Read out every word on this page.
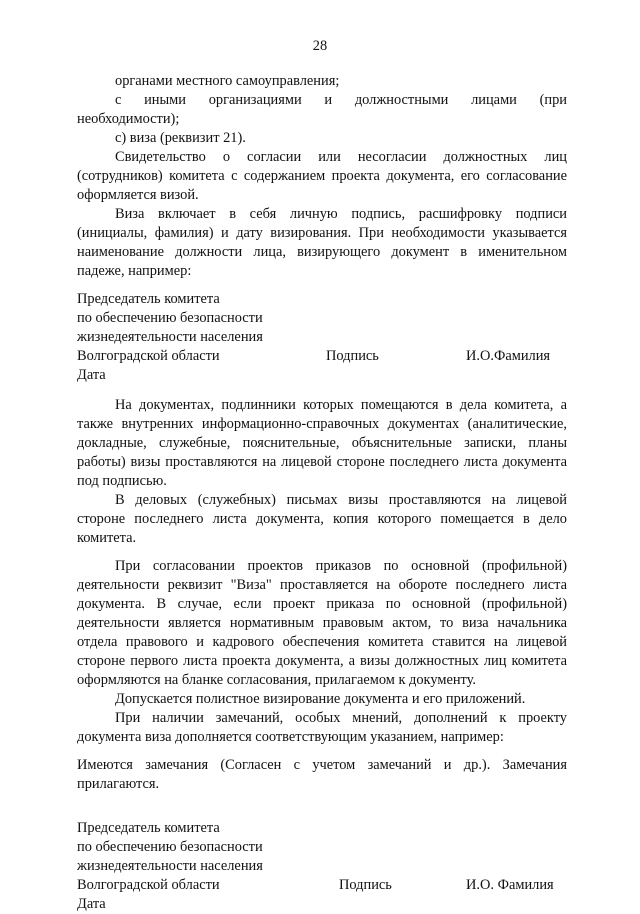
28

органами местного самоуправления;

с иными организациями и должностными лицами (при

необходимости);

с) виза (реквизит 21).

Свидетельство о согласии или несогласии должностных лиц (сотрудников) комитета с содержанием проекта документа, его согласование оформляется визой.

Виза включает в себя личную подпись, расшифровку подписи (инициалы, фамилия) и дату визирования. При необходимости указывается наименование должности лица, визирующего документ в именительном падеже, например:

Председатель комитета

по обеспечению безопасности

жизнедеятельности населения

Волгоградской области	Подпись	И.О.Фамилия

Дата

На документах, подлинники которых помещаются в дела комитета, а также внутренних информационно-справочных документах (аналитические, докладные, служебные, пояснительные, объяснительные записки, планы работы) визы проставляются на лицевой стороне последнего листа документа под подписью.

В деловых (служебных) письмах визы проставляются на лицевой стороне последнего листа документа, копия которого помещается в дело комитета.

При согласовании проектов приказов по основной (профильной) деятельности реквизит "Виза" проставляется на обороте последнего листа документа. В случае, если проект приказа по основной (профильной) деятельности является нормативным правовым актом, то виза начальника отдела правового и кадрового обеспечения комитета ставится на лицевой стороне первого листа проекта документа, а визы должностных лиц комитета оформляются на бланке согласования, прилагаемом к документу.

Допускается полистное визирование документа и его приложений.

При наличии замечаний, особых мнений, дополнений к проекту документа виза дополняется соответствующим указанием, например:

Имеются замечания (Согласен с учетом замечаний и др.). Замечания прилагаются.

Председатель комитета

по обеспечению безопасности

жизнедеятельности населения

Волгоградской области	Подпись	И.О. Фамилия

Дата
